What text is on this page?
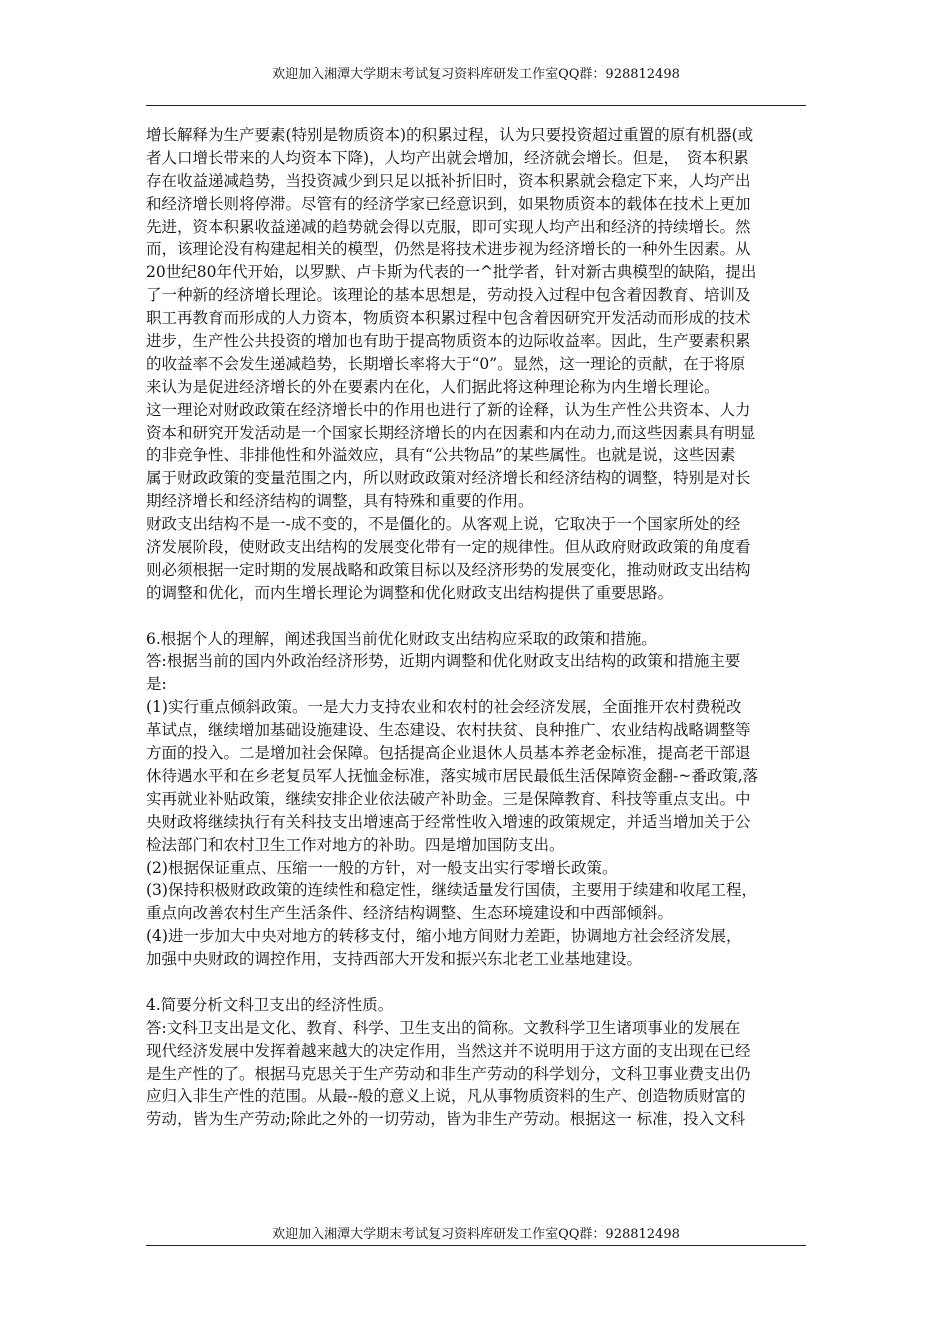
欢迎加入湘潭大学期末考试复习资料库研发工作室QQ群：928812498
增长解释为生产要素(特别是物质资本)的积累过程，认为只要投资超过重置的原有机器(或
者人口增长带来的人均资本下降)，人均产出就会增加，经济就会增长。但是，　资本积累
存在收益递减趋势，当投资减少到只足以抵补折旧时，资本积累就会稳定下来，人均产出
和经济增长则将停滞。尽管有的经济学家已经意识到，如果物质资本的载体在技术上更加
先进，资本积累收益递减的趋势就会得以克服，即可实现人均产出和经济的持续增长。然
而，该理论没有构建起相关的模型，仍然是将技术进步视为经济增长的一种外生因素。从
20世纪80年代开始，以罗默、卢卡斯为代表的一^批学者，针对新古典模型的缺陷，提出
了一种新的经济增长理论。该理论的基本思想是，劳动投入过程中包含着因教育、培训及
职工再教育而形成的人力资本，物质资本积累过程中包含着因研究开发活动而形成的技术
进步，生产性公共投资的增加也有助于提高物质资本的边际收益率。因此，生产要素积累
的收益率不会发生递减趋势，长期增长率将大于“0”。显然，这一理论的贡献，在于将原
来认为是促进经济增长的外在要素内在化，人们据此将这种理论称为内生增长理论。
这一理论对财政政策在经济增长中的作用也进行了新的诠释，认为生产性公共资本、人力
资本和研究开发活动是一个国家长期经济增长的内在因素和内在动力,而这些因素具有明显
的非竞争性、非排他性和外溢效应，具有“公共物品”的某些属性。也就是说，这些因素
属于财政政策的变量范围之内，所以财政政策对经济增长和经济结构的调整，特别是对长
期经济增长和经济结构的调整，具有特殊和重要的作用。
财政支出结构不是一-成不变的，不是僵化的。从客观上说，它取决于一个国家所处的经
济发展阶段，使财政支出结构的发展变化带有一定的规律性。但从政府财政政策的角度看
则必须根据一定时期的发展战略和政策目标以及经济形势的发展变化，推动财政支出结构
的调整和优化，而内生增长理论为调整和优化财政支出结构提供了重要思路。
6.根据个人的理解，阐述我国当前优化财政支出结构应采取的政策和措施。
答:根据当前的国内外政治经济形势，近期内调整和优化财政支出结构的政策和措施主要
是:
(1)实行重点倾斜政策。一是大力支持农业和农村的社会经济发展，全面推开农村费税改
革试点，继续增加基础设施建设、生态建设、农村扶贫、良种推广、农业结构战略调整等
方面的投入。二是增加社会保障。包括提高企业退休人员基本养老金标准，提高老干部退
休待遇水平和在乡老复员军人抚恤金标准，落实城市居民最低生活保障资金翻-~番政策,落
实再就业补贴政策，继续安排企业依法破产补助金。三是保障教育、科技等重点支出。中
央财政将继续执行有关科技支出增速高于经常性收入增速的政策规定，并适当增加关于公
检法部门和农村卫生工作对地方的补助。四是增加国防支出。
(2)根据保证重点、压缩一一般的方针，对一般支出实行零增长政策。
(3)保持积极财政政策的连续性和稳定性，继续适量发行国债，主要用于续建和收尾工程，
重点向改善农村生产生活条件、经济结构调整、生态环境建设和中西部倾斜。
(4)进一步加大中央对地方的转移支付，缩小地方间财力差距，协调地方社会经济发展，
加强中央财政的调控作用，支持西部大开发和振兴东北老工业基地建设。
4.简要分析文科卫支出的经济性质。
答:文科卫支出是文化、教育、科学、卫生支出的简称。文教科学卫生诸项事业的发展在
现代经济发展中发挥着越来越大的决定作用，当然这并不说明用于这方面的支出现在已经
是生产性的了。根据马克思关于生产劳动和非生产劳动的科学划分，文科卫事业费支出仍
应归入非生产性的范围。从最--般的意义上说，凡从事物质资料的生产、创造物质财富的
劳动，皆为生产劳动;除此之外的一切劳动，皆为非生产劳动。根据这一 标准，投入文科
欢迎加入湘潭大学期末考试复习资料库研发工作室QQ群：928812498
